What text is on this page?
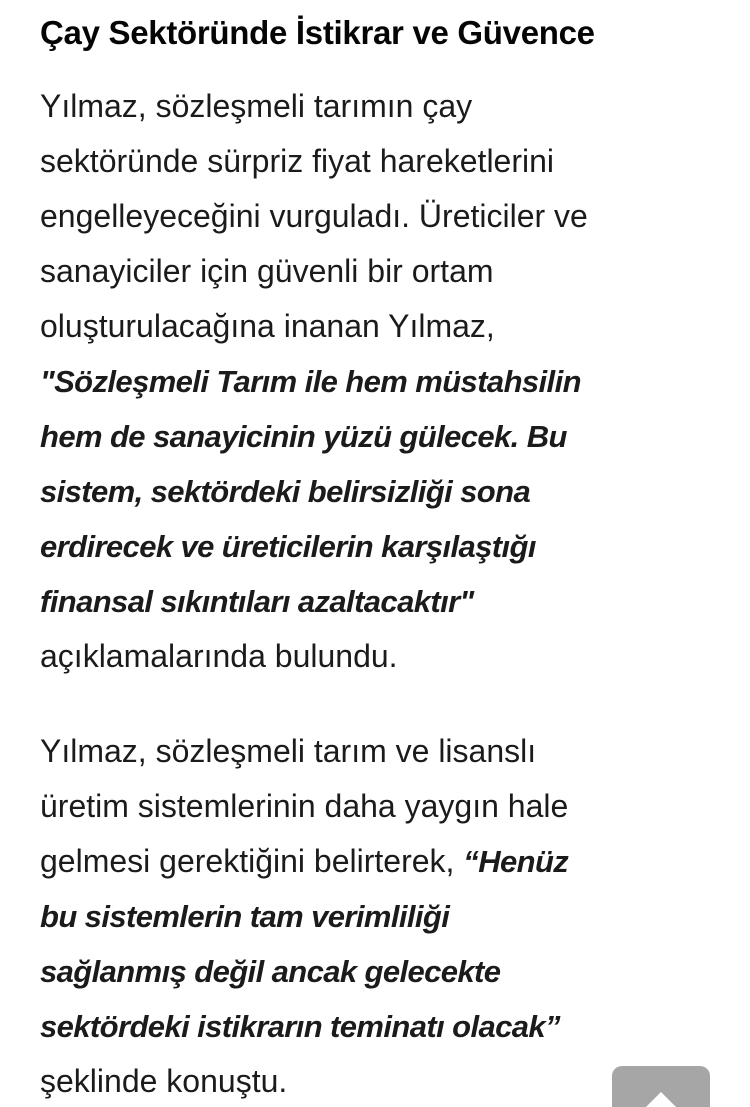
Çay Sektöründe İstikrar ve Güvence

Yılmaz, sözleşmeli tarımın çay
sektöründe sürpriz fiyat hareketlerini
engelleyeceğini vurguladı. Üreticiler ve
sanayiciler için güvenli bir ortam
oluşturulacağına inanan Yılmaz,
"Sözleşmeli Tarım ile hem müstahsilin
hem de sanayicinin yüzü gülecek. Bu
sistem, sektördeki belirsizliği sona
erdirecek ve üreticilerin karşılaştığı
finansal sıkıntıları azaltacaktır"
açıklamalarında bulundu.

Yılmaz, sözleşmeli tarım ve lisanslı
üretim sistemlerinin daha yaygın hale
gelmesi gerektiğini belirterek, “Henüz
bu sistemlerin tam verimliliği
sağlanmış değil ancak gelecekte
sektördeki istikrarın teminatı olacak”
şeklinde konuştu.
